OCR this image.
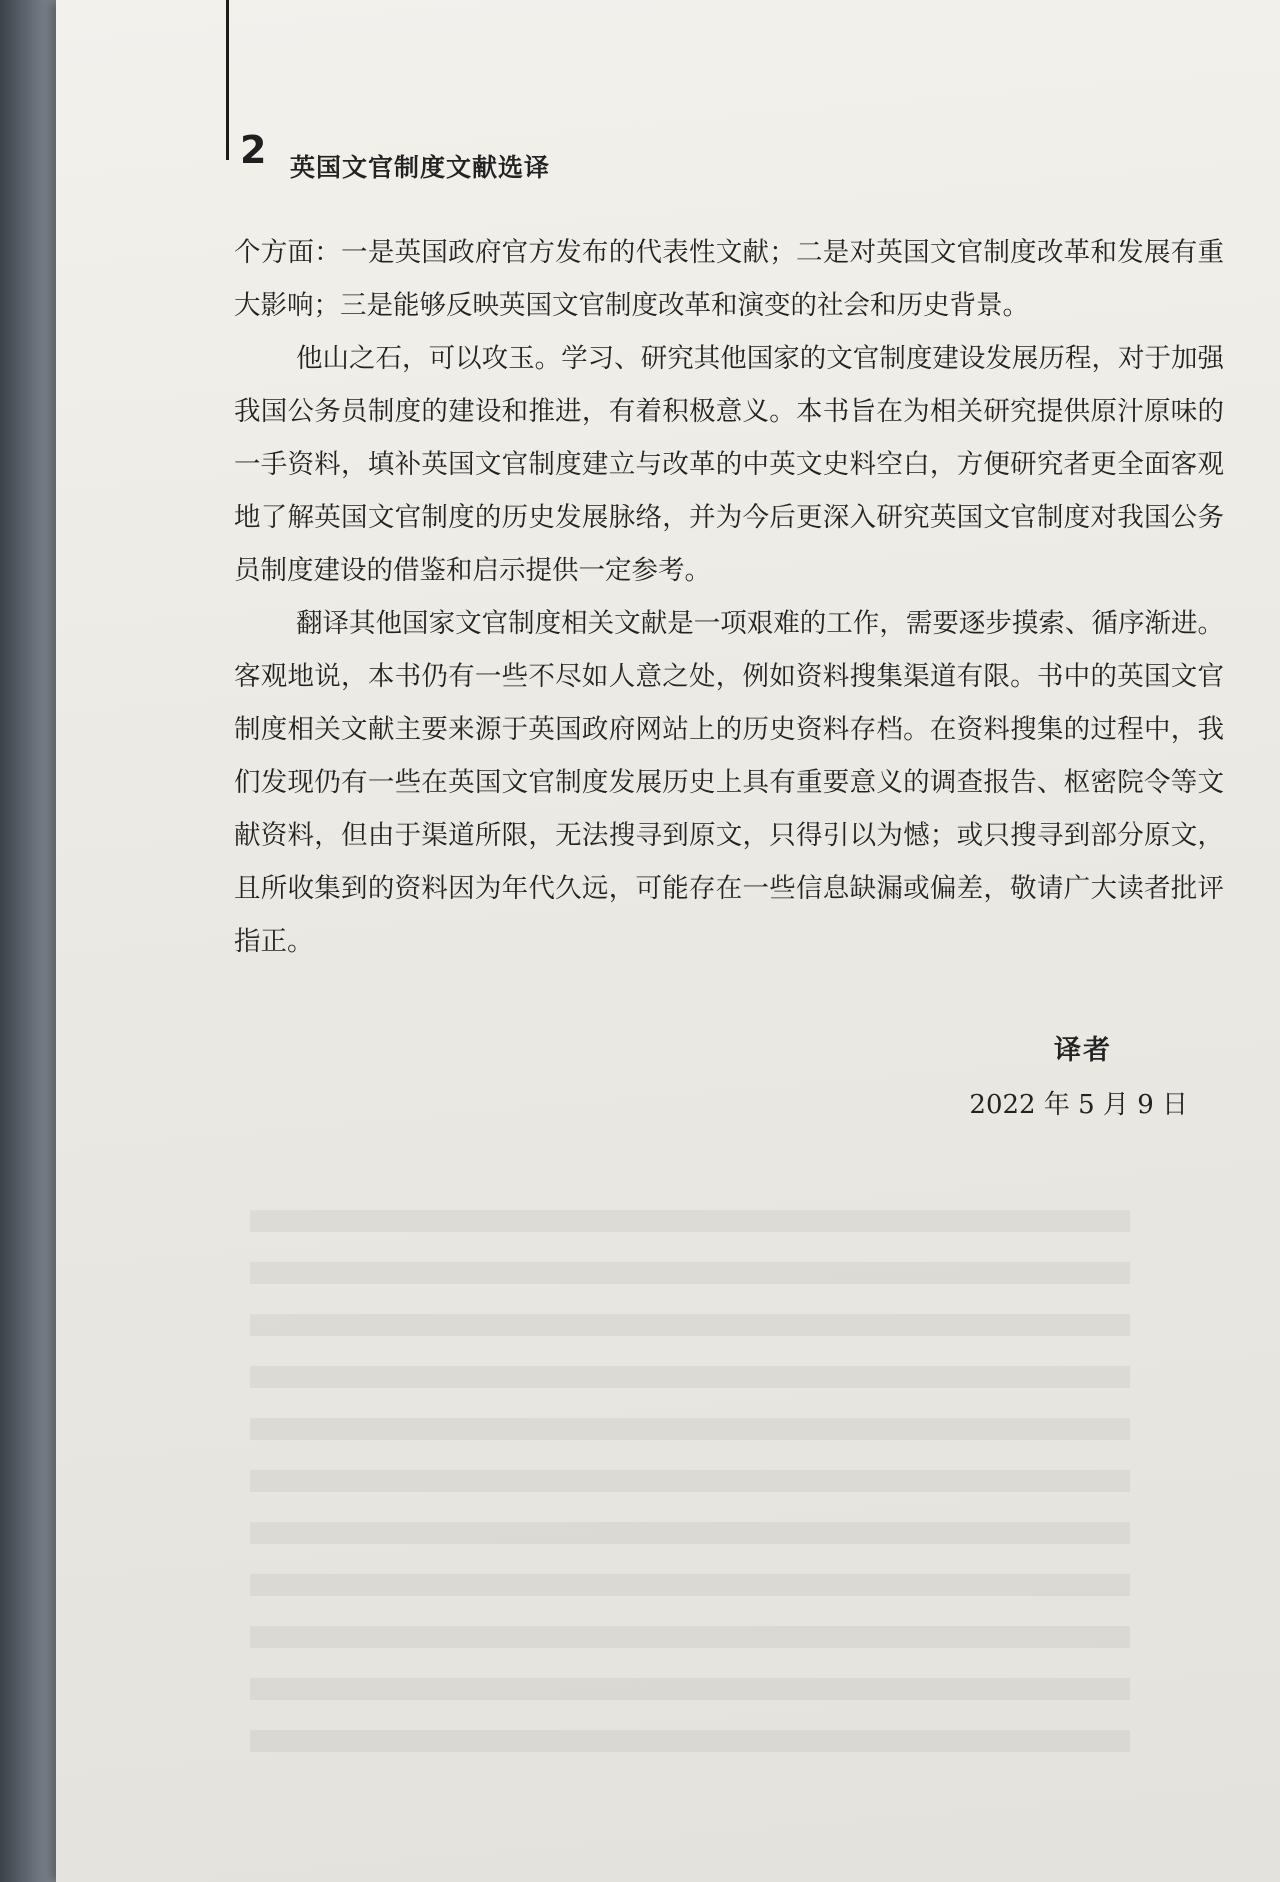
2 英国文官制度文献选译

个方面：一是英国政府官方发布的代表性文献；二是对英国文官制度改革和发展有重大影响；三是能够反映英国文官制度改革和演变的社会和历史背景。

他山之石，可以攻玉。学习、研究其他国家的文官制度建设发展历程，对于加强我国公务员制度的建设和推进，有着积极意义。本书旨在为相关研究提供原汁原味的一手资料，填补英国文官制度建立与改革的中英文史料空白，方便研究者更全面客观地了解英国文官制度的历史发展脉络，并为今后更深入研究英国文官制度对我国公务员制度建设的借鉴和启示提供一定参考。

翻译其他国家文官制度相关文献是一项艰难的工作，需要逐步摸索、循序渐进。客观地说，本书仍有一些不尽如人意之处，例如资料搜集渠道有限。书中的英国文官制度相关文献主要来源于英国政府网站上的历史资料存档。在资料搜集的过程中，我们发现仍有一些在英国文官制度发展历史上具有重要意义的调查报告、枢密院令等文献资料，但由于渠道所限，无法搜寻到原文，只得引以为憾；或只搜寻到部分原文，且所收集到的资料因为年代久远，可能存在一些信息缺漏或偏差，敬请广大读者批评指正。

译者
2022 年 5 月 9 日
